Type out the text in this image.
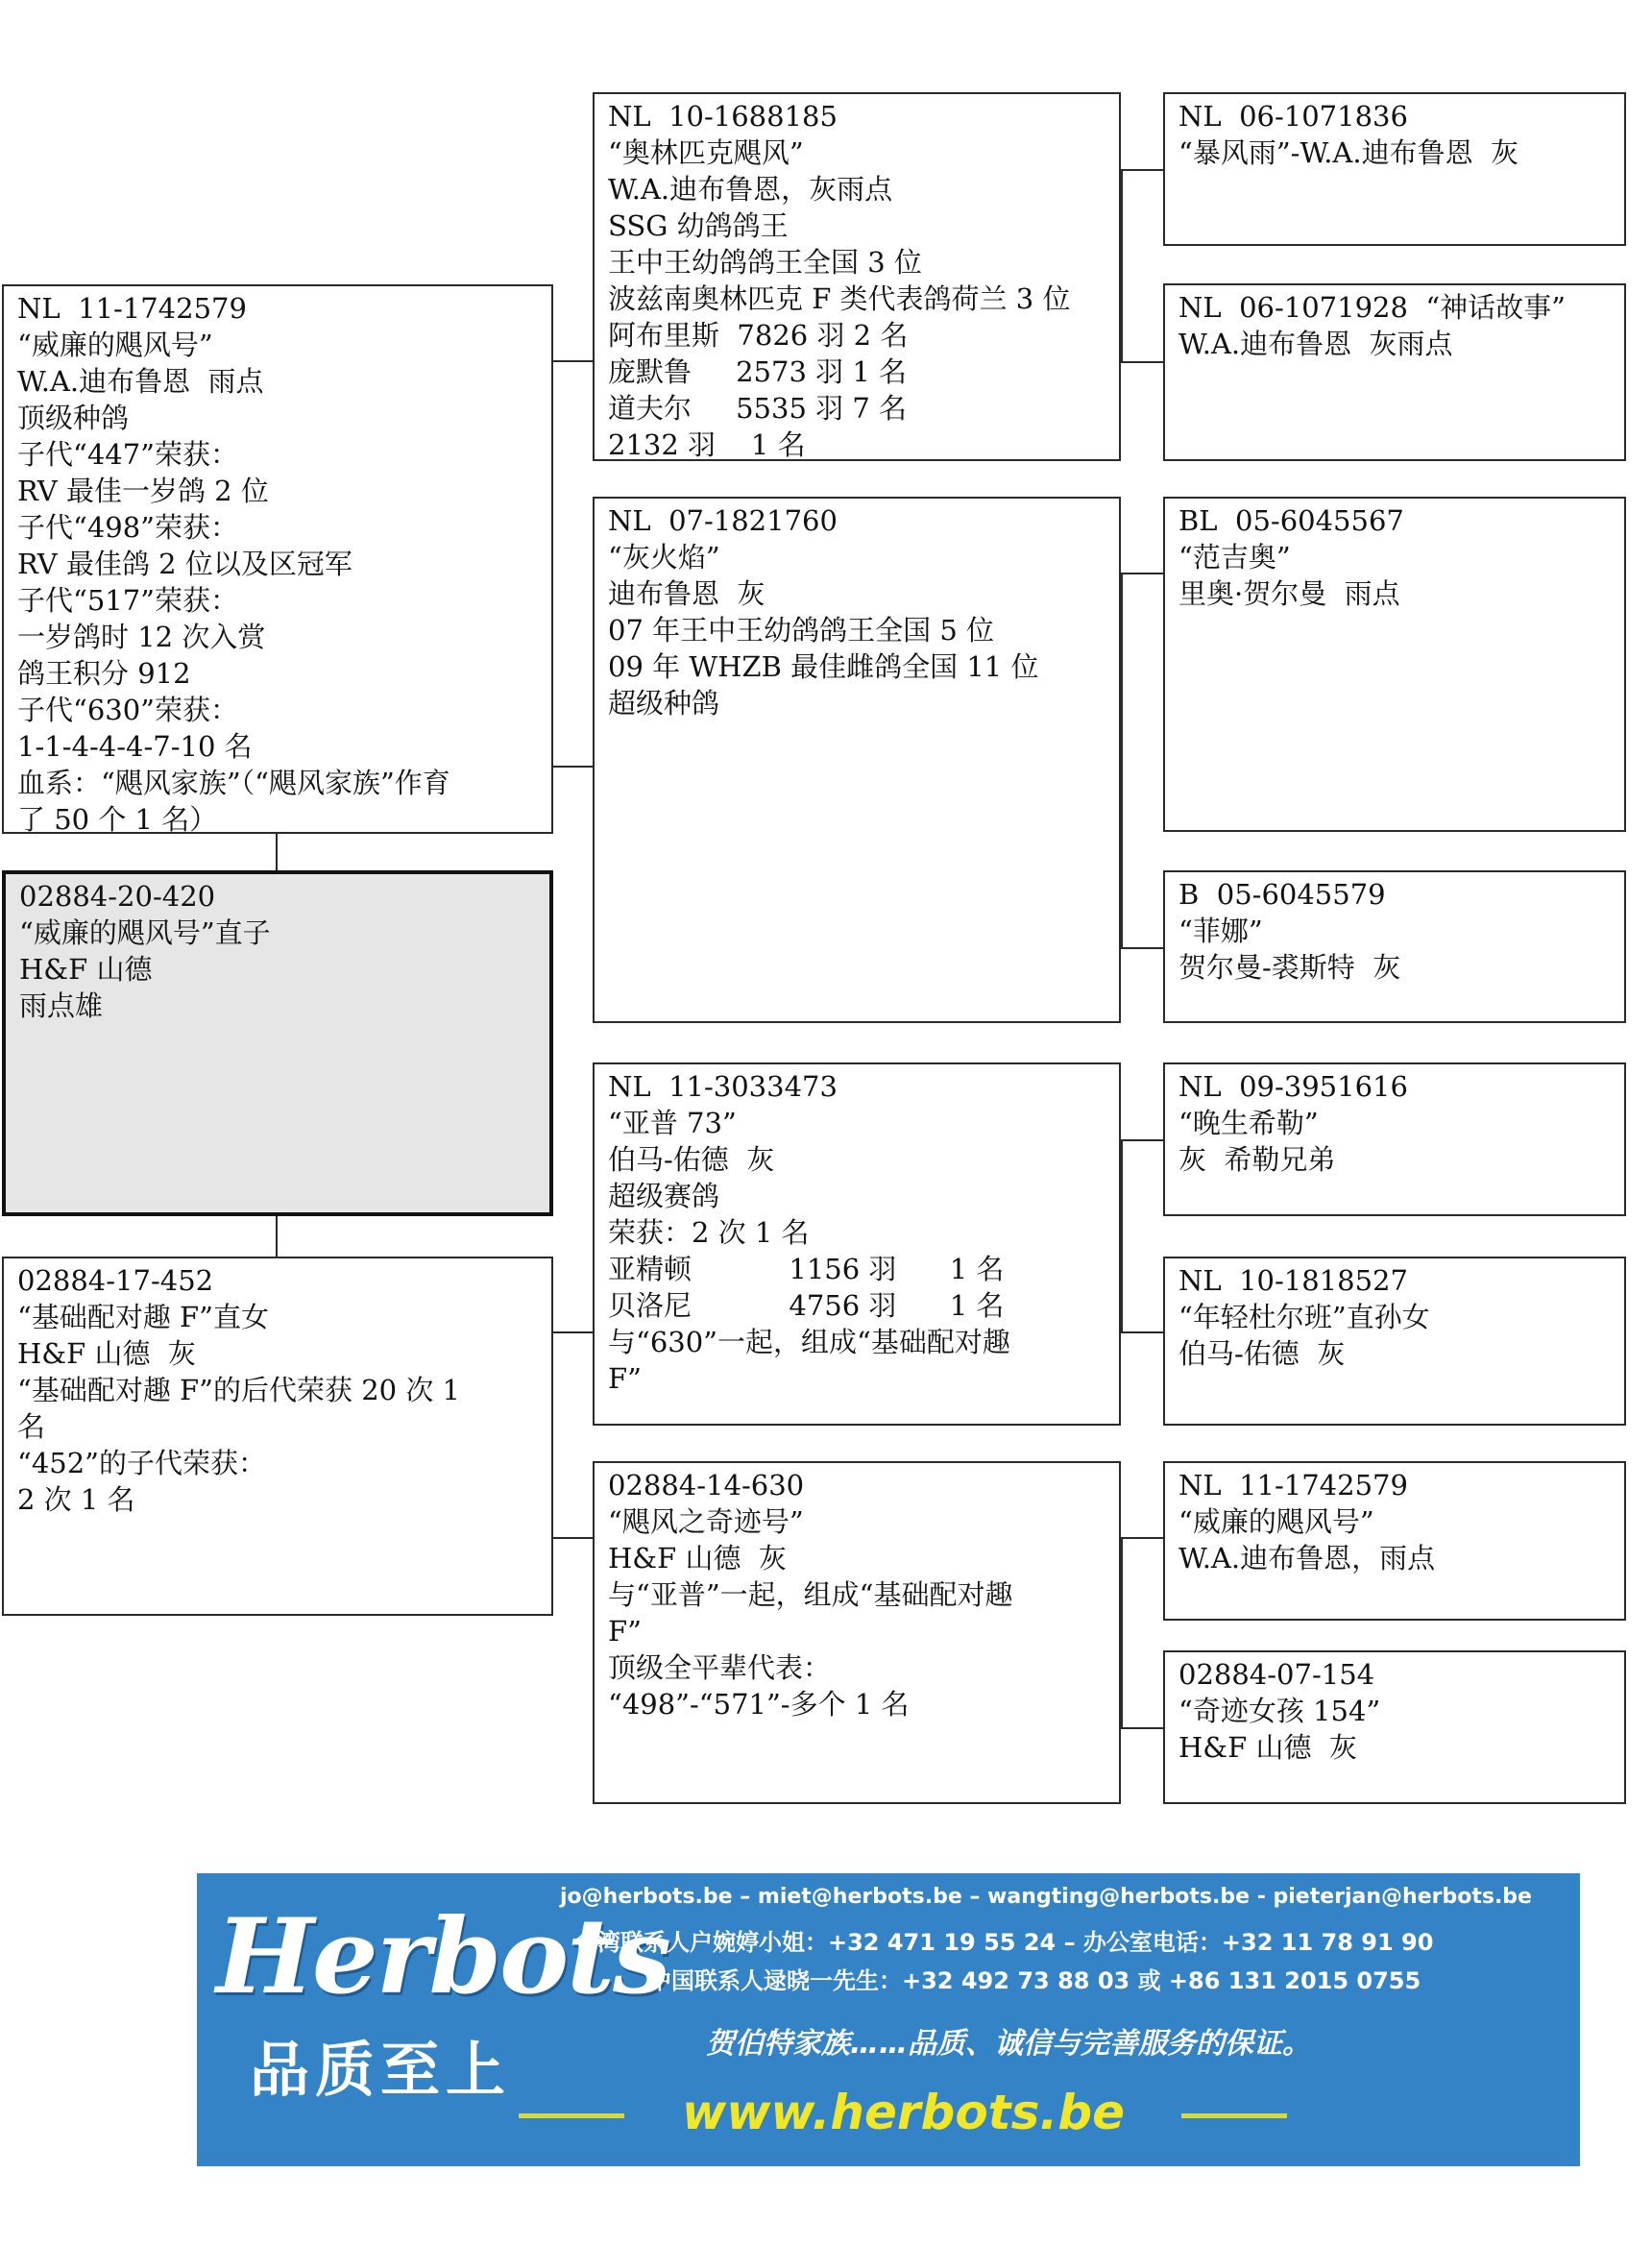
NL  11-1742579
“威廉的飓风号”
W.A.迪布鲁恩  雨点
顶级种鸽
子代“447”荣获：
RV 最佳一岁鸽 2 位
子代“498”荣获：
RV 最佳鸽 2 位以及区冠军
子代“517”荣获：
一岁鸽时 12 次入赏
鸽王积分 912
子代“630”荣获：
1-1-4-4-4-7-10 名
血系：“飓风家族”（“飓风家族”作育
了 50 个 1 名）
02884-20-420
“威廉的飓风号”直子
H&F 山德
雨点雄
02884-17-452
“基础配对趣 F”直女
H&F 山德  灰
“基础配对趣 F”的后代荣获 20 次 1
名
“452”的子代荣获：
2 次 1 名
NL  10-1688185
“奥林匹克飓风”
W.A.迪布鲁恩，灰雨点
SSG 幼鸽鸽王
王中王幼鸽鸽王全国 3 位
波兹南奥林匹克 F 类代表鸽荷兰 3 位
阿布里斯  7826 羽 2 名
庞默鲁     2573 羽 1 名
道夫尔     5535 羽 7 名
2132 羽    1 名
NL  07-1821760
“灰火焰”
迪布鲁恩  灰
07 年王中王幼鸽鸽王全国 5 位
09 年 WHZB 最佳雌鸽全国 11 位
超级种鸽
NL  11-3033473
“亚普 73”
伯马-佑德  灰
超级赛鸽
荣获：2 次 1 名
亚精顿           1156 羽      1 名
贝洛尼           4756 羽      1 名
与“630”一起，组成“基础配对趣
F”
02884-14-630
“飓风之奇迹号”
H&F 山德  灰
与“亚普”一起，组成“基础配对趣
F”
顶级全平辈代表：
“498”-“571”-多个 1 名
NL  06-1071836
“暴风雨”-W.A.迪布鲁恩  灰
NL  06-1071928  “神话故事”
W.A.迪布鲁恩  灰雨点
BL  05-6045567
“范吉奥”
里奥·贺尔曼  雨点
B  05-6045579
“菲娜”
贺尔曼-裘斯特  灰
NL  09-3951616
“晚生希勒”
灰  希勒兄弟
NL  10-1818527
“年轻杜尔班”直孙女
伯马-佑德  灰
NL  11-1742579
“威廉的飓风号”
W.A.迪布鲁恩，雨点
02884-07-154
“奇迹女孩 154”
H&F 山德  灰
Herbots
品质至上
jo@herbots.be – miet@herbots.be – wangting@herbots.be - pieterjan@herbots.be
台湾联系人户婉婷小姐：+32 471 19 55 24 – 办公室电话：+32 11 78 91 90
中国联系人逯晓一先生：+32 492 73 88 03 或 +86 131 2015 0755
贺伯特家族……品质、诚信与完善服务的保证。
www.herbots.be
